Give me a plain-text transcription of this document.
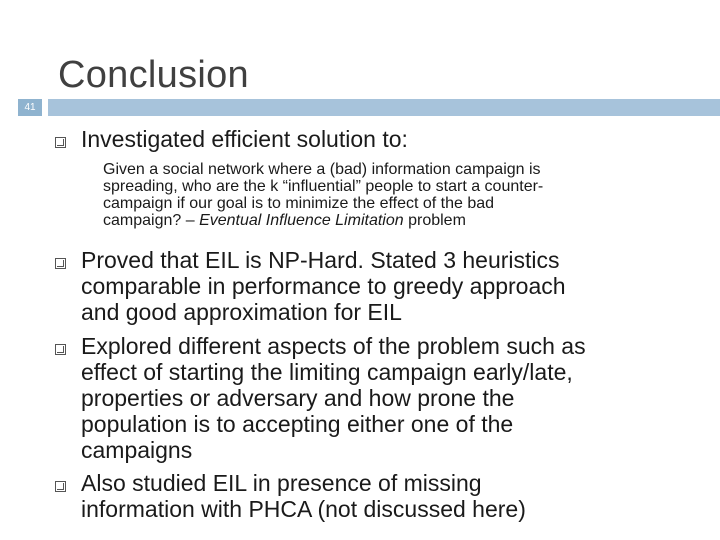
Conclusion
41
Investigated efficient solution to:
Given a social network where a (bad) information campaign is
spreading, who are the k “influential” people to start a counter-
campaign if our goal is to minimize the effect of the bad
campaign? – Eventual Influence Limitation problem
Proved that EIL is NP-Hard. Stated 3 heuristics
comparable in performance to greedy approach
and good approximation for EIL
Explored different aspects of the problem such as
effect of starting the limiting campaign early/late,
properties or adversary and how prone the
population is to accepting either one of the
campaigns
Also studied EIL in presence of missing
information with PHCA (not discussed here)
